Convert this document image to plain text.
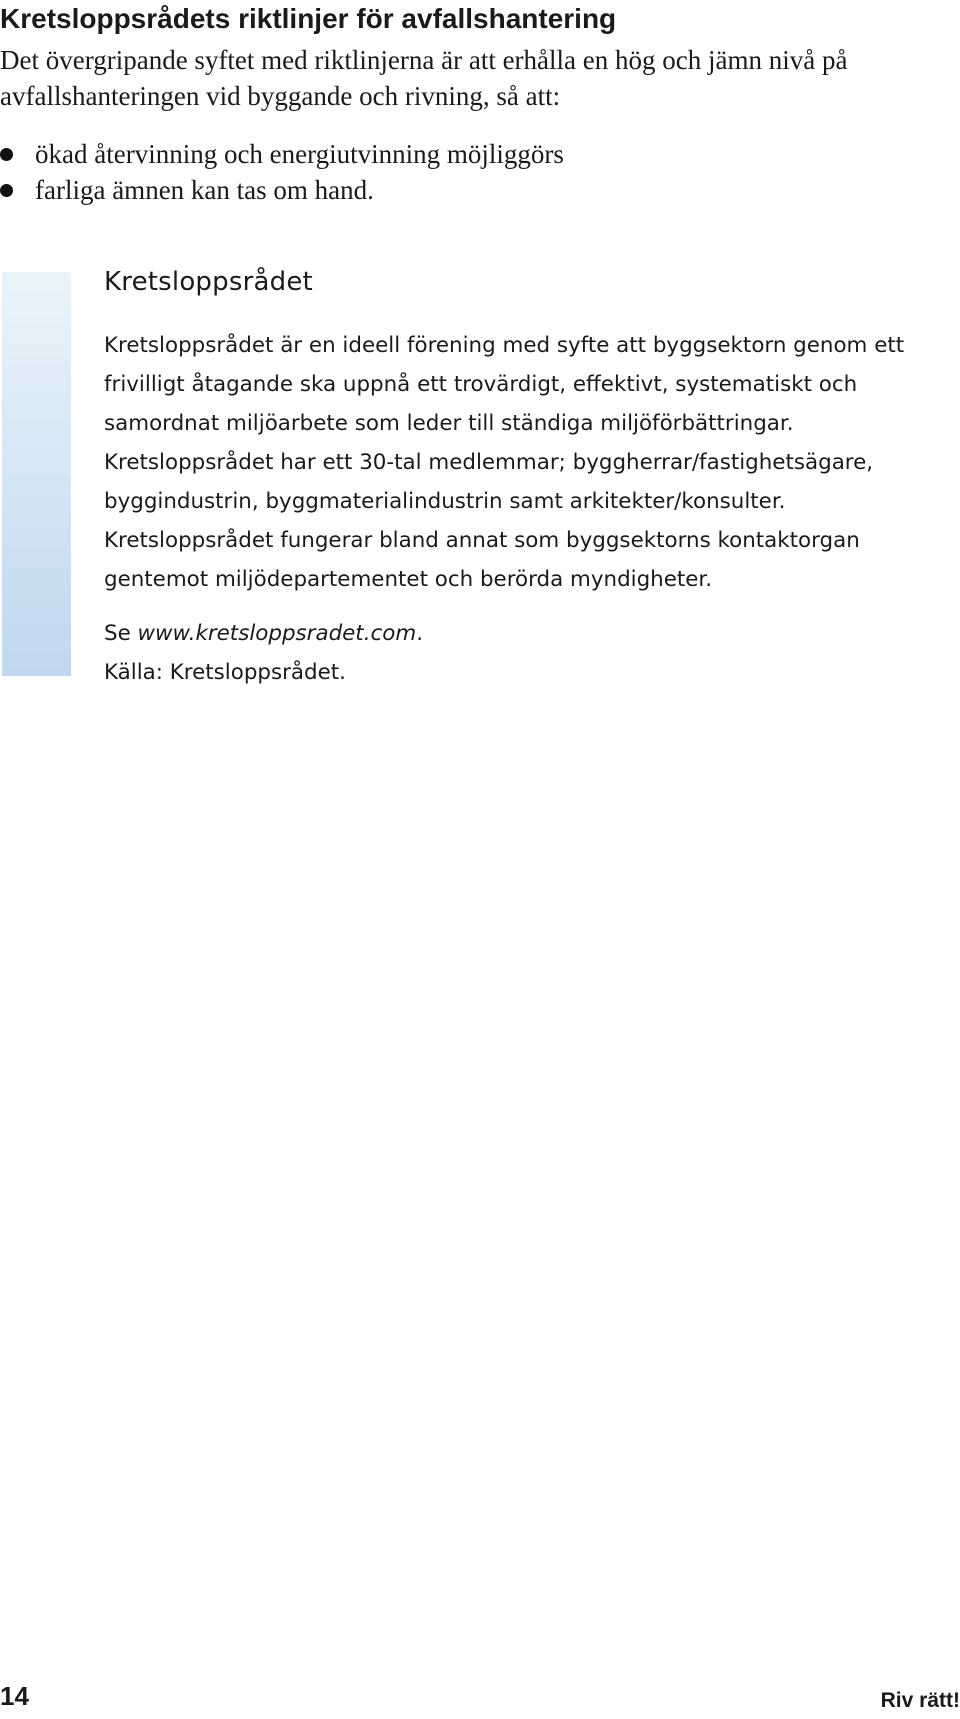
Kretsloppsrådets riktlinjer för avfallshantering

Det övergripande syftet med riktlinjerna är att erhålla en hög och jämn nivå på avfallshanteringen vid byggande och rivning, så att:

ökad återvinning och energiutvinning möjliggörs
farliga ämnen kan tas om hand.
Kretsloppsrådet

Kretsloppsrådet är en ideell förening med syfte att byggsektorn genom ett frivilligt åtagande ska uppnå ett trovärdigt, effektivt, systematiskt och samordnat miljöarbete som leder till ständiga miljöförbättringar. Kretsloppsrådet har ett 30-tal medlemmar; byggherrar/fastighetsägare, byggindustrin, byggmaterialindustrin samt arkitekter/konsulter. Kretsloppsrådet fungerar bland annat som byggsektorns kontaktorgan gentemot miljödepartementet och berörda myndigheter.

Se www.kretsloppsradet.com.

Källa: Kretsloppsrådet.

14	Riv rätt!
